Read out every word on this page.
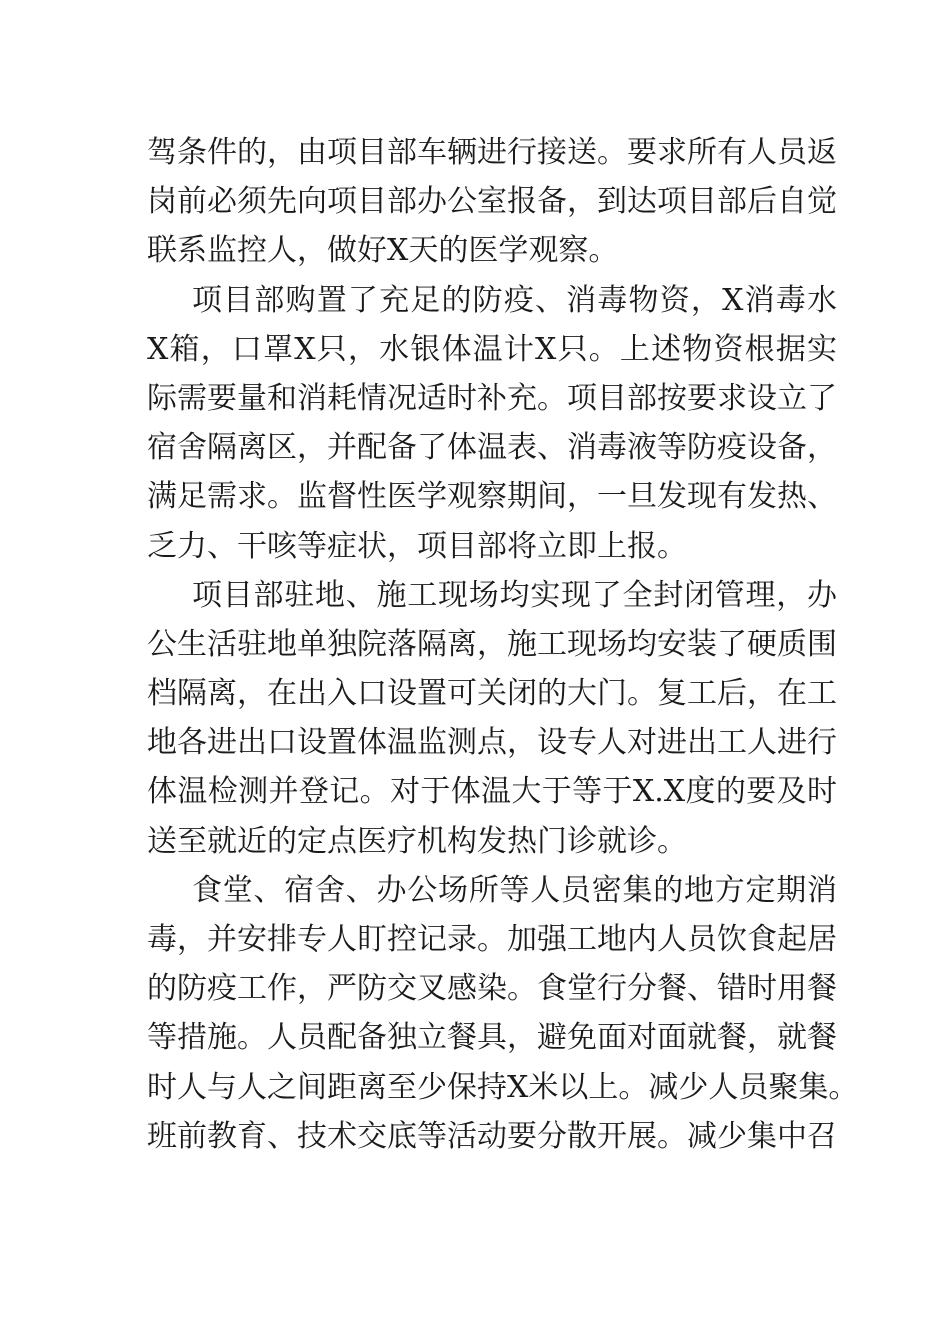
驾条件的，由项目部车辆进行接送。要求所有人员返
岗前必须先向项目部办公室报备，到达项目部后自觉
联系监控人，做好X天的医学观察。
项目部购置了充足的防疫、消毒物资，X消毒水
X箱，口罩X只，水银体温计X只。上述物资根据实
际需要量和消耗情况适时补充。项目部按要求设立了
宿舍隔离区，并配备了体温表、消毒液等防疫设备，
满足需求。监督性医学观察期间，一旦发现有发热、
乏力、干咳等症状，项目部将立即上报。
项目部驻地、施工现场均实现了全封闭管理，办
公生活驻地单独院落隔离，施工现场均安装了硬质围
档隔离，在出入口设置可关闭的大门。复工后，在工
地各进出口设置体温监测点，设专人对进出工人进行
体温检测并登记。对于体温大于等于X.X度的要及时
送至就近的定点医疗机构发热门诊就诊。
食堂、宿舍、办公场所等人员密集的地方定期消
毒，并安排专人盯控记录。加强工地内人员饮食起居
的防疫工作，严防交叉感染。食堂行分餐、错时用餐
等措施。人员配备独立餐具，避免面对面就餐，就餐
时人与人之间距离至少保持X米以上。减少人员聚集。
班前教育、技术交底等活动要分散开展。减少集中召
